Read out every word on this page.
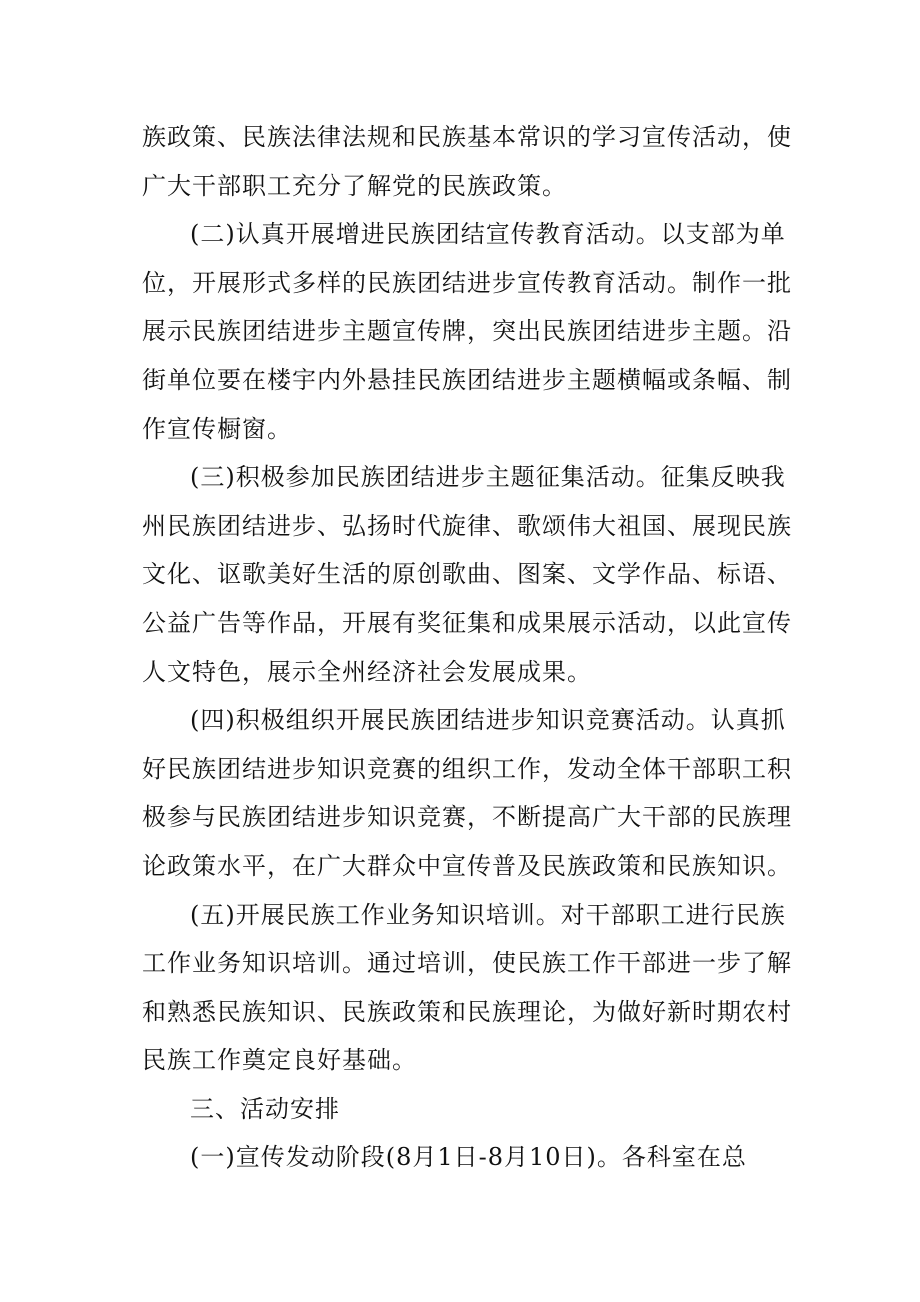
族政策、民族法律法规和民族基本常识的学习宣传活动，使
广大干部职工充分了解党的民族政策。
(二)认真开展增进民族团结宣传教育活动。以支部为单
位，开展形式多样的民族团结进步宣传教育活动。制作一批
展示民族团结进步主题宣传牌，突出民族团结进步主题。沿
街单位要在楼宇内外悬挂民族团结进步主题横幅或条幅、制
作宣传橱窗。
(三)积极参加民族团结进步主题征集活动。征集反映我
州民族团结进步、弘扬时代旋律、歌颂伟大祖国、展现民族
文化、讴歌美好生活的原创歌曲、图案、文学作品、标语、
公益广告等作品，开展有奖征集和成果展示活动，以此宣传
人文特色，展示全州经济社会发展成果。
(四)积极组织开展民族团结进步知识竞赛活动。认真抓
好民族团结进步知识竞赛的组织工作，发动全体干部职工积
极参与民族团结进步知识竞赛，不断提高广大干部的民族理
论政策水平，在广大群众中宣传普及民族政策和民族知识。
(五)开展民族工作业务知识培训。对干部职工进行民族
工作业务知识培训。通过培训，使民族工作干部进一步了解
和熟悉民族知识、民族政策和民族理论，为做好新时期农村
民族工作奠定良好基础。
三、活动安排
(一)宣传发动阶段(8月1日-8月10日)。各科室在总
